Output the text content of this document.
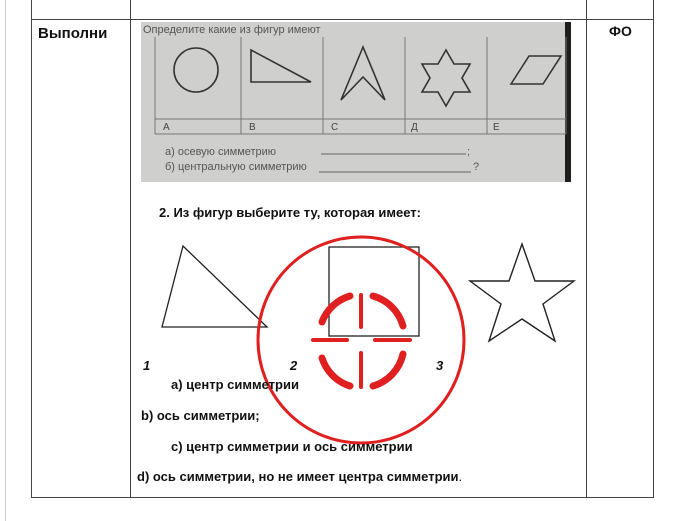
Выполни	ФО
Определите какие из фигур имеют
А	В	С	Д	Е
а) осевую симметрию	;
б) центральную симметрию	?
2. Из фигур выберите ту, которая имеет:
1	2	3
а) центр симметрии
b) ось симметрии;
с) центр симметрии и ось симметрии
d) ось симметрии, но не имеет центра симметрии.
